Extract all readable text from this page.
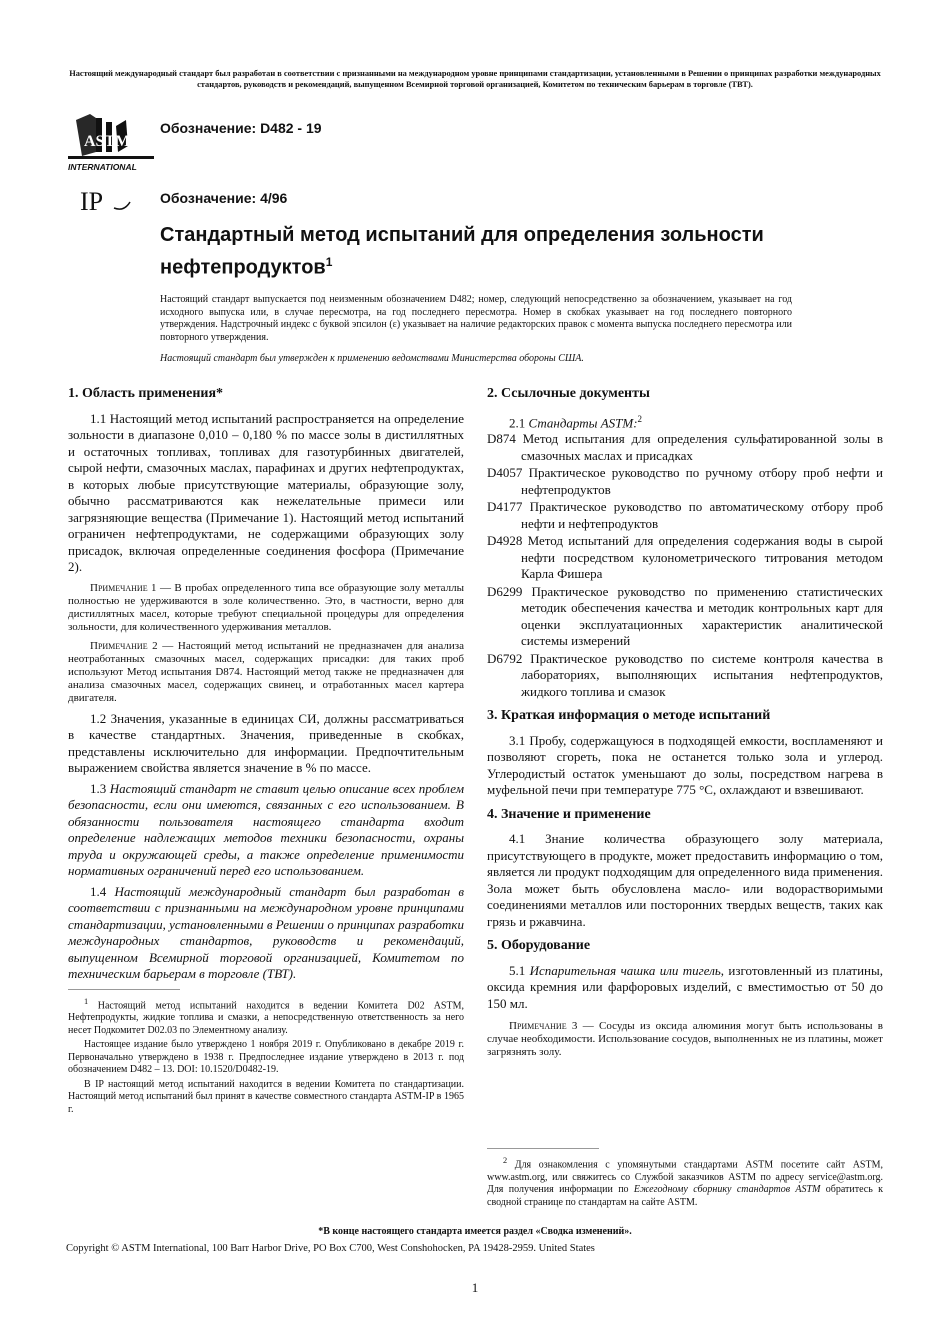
Настоящий международный стандарт был разработан в соответствии с признанными на международном уровне принципами стандартизации, установленными в Решении о принципах разработки международных стандартов, руководств и рекомендаций, выпущенном Всемирной торговой организацией, Комитетом по техническим барьерам в торговле (ТВТ).
ASTM
INTERNATIONAL
Обозначение: D482 - 19
IP	Обозначение: 4/96
Стандартный метод испытаний для определения зольности нефтепродуктов$^1$
Настоящий стандарт выпускается под неизменным обозначением D482; номер, следующий непосредственно за обозначением, указывает на год исходного выпуска или, в случае пересмотра, на год последнего пересмотра. Номер в скобках указывает на год последнего повторного утверждения. Надстрочный индекс с буквой эпсилон (ε) указывает на наличие редакторских правок с момента выпуска последнего пересмотра или повторного утверждения.
Настоящий стандарт был утвержден к применению ведомствами Министерства обороны США.
1. Область применения*
1.1 Настоящий метод испытаний распространяется на определение зольности в диапазоне 0,010 – 0,180 % по массе золы в дистиллятных и остаточных топливах, топливах для газотурбинных двигателей, сырой нефти, смазочных маслах, парафинах и других нефтепродуктах, в которых любые присутствующие материалы, образующие золу, обычно рассматриваются как нежелательные примеси или загрязняющие вещества (Примечание 1). Настоящий метод испытаний ограничен нефтепродуктами, не содержащими образующих золу присадок, включая определенные соединения фосфора (Примечание 2).
Примечание 1 — В пробах определенного типа все образующие золу металлы полностью не удерживаются в золе количественно. Это, в частности, верно для дистиллятных масел, которые требуют специальной процедуры для определения зольности, для количественного удерживания металлов.
Примечание 2 — Настоящий метод испытаний не предназначен для анализа неотработанных смазочных масел, содержащих присадки: для таких проб используют Метод испытания D874. Настоящий метод также не предназначен для анализа смазочных масел, содержащих свинец, и отработанных масел картера двигателя.
1.2 Значения, указанные в единицах СИ, должны рассматриваться в качестве стандартных. Значения, приведенные в скобках, представлены исключительно для информации. Предпочтительным выражением свойства является значение в % по массе.
1.3 Настоящий стандарт не ставит целью описание всех проблем безопасности, если они имеются, связанных с его использованием. В обязанности пользователя настоящего стандарта входит определение надлежащих методов техники безопасности, охраны труда и окружающей среды, а также определение применимости нормативных ограничений перед его использованием.
1.4 Настоящий международный стандарт был разработан в соответствии с признанными на международном уровне принципами стандартизации, установленными в Решении о принципах разработки международных стандартов, руководств и рекомендаций, выпущенном Всемирной торговой организацией, Комитетом по техническим барьерам в торговле (ТВТ).
$^1$ Настоящий метод испытаний находится в ведении Комитета D02 ASTM, Нефтепродукты, жидкие топлива и смазки, а непосредственную ответственность за него несет Подкомитет D02.03 по Элементному анализу.
Настоящее издание было утверждено 1 ноября 2019 г. Опубликовано в декабре 2019 г. Первоначально утверждено в 1938 г. Предпоследнее издание утверждено в 2013 г. под обозначением D482 – 13. DOI: 10.1520/D0482-19.
В IP настоящий метод испытаний находится в ведении Комитета по стандартизации. Настоящий метод испытаний был принят в качестве совместного стандарта ASTM-IP в 1965 г.
2. Ссылочные документы
2.1 Стандарты ASTM:$^2$
D874 Метод испытания для определения сульфатированной золы в смазочных маслах и присадках
D4057 Практическое руководство по ручному отбору проб нефти и нефтепродуктов
D4177 Практическое руководство по автоматическому отбору проб нефти и нефтепродуктов
D4928 Метод испытаний для определения содержания воды в сырой нефти посредством кулонометрического титрования методом Карла Фишера
D6299 Практическое руководство по применению статистических методик обеспечения качества и методик контрольных карт для оценки эксплуатационных характеристик аналитической системы измерений
D6792 Практическое руководство по системе контроля качества в лабораториях, выполняющих испытания нефтепродуктов, жидкого топлива и смазок
3. Краткая информация о методе испытаний
3.1 Пробу, содержащуюся в подходящей емкости, воспламеняют и позволяют сгореть, пока не останется только зола и углерод. Углеродистый остаток уменьшают до золы, посредством нагрева в муфельной печи при температуре 775 °C, охлаждают и взвешивают.
4. Значение и применение
4.1 Знание количества образующего золу материала, присутствующего в продукте, может предоставить информацию о том, является ли продукт подходящим для определенного вида применения. Зола может быть обусловлена масло- или водорастворимыми соединениями металлов или посторонних твердых веществ, таких как грязь и ржавчина.
5. Оборудование
5.1 Испарительная чашка или тигель, изготовленный из платины, оксида кремния или фарфоровых изделий, с вместимостью от 50 до 150 мл.
Примечание 3 — Сосуды из оксида алюминия могут быть использованы в случае необходимости. Использование сосудов, выполненных не из платины, может загрязнять золу.
$^2$ Для ознакомления с упомянутыми стандартами ASTM посетите сайт ASTM, www.astm.org, или свяжитесь со Службой заказчиков ASTM по адресу service@astm.org. Для получения информации по Ежегодному сборнику стандартов ASTM обратитесь к сводной странице по стандартам на сайте ASTM.
*В конце настоящего стандарта имеется раздел «Сводка изменений».
Copyright © ASTM International, 100 Barr Harbor Drive, PO Box C700, West Conshohocken, PA 19428-2959. United States
1
